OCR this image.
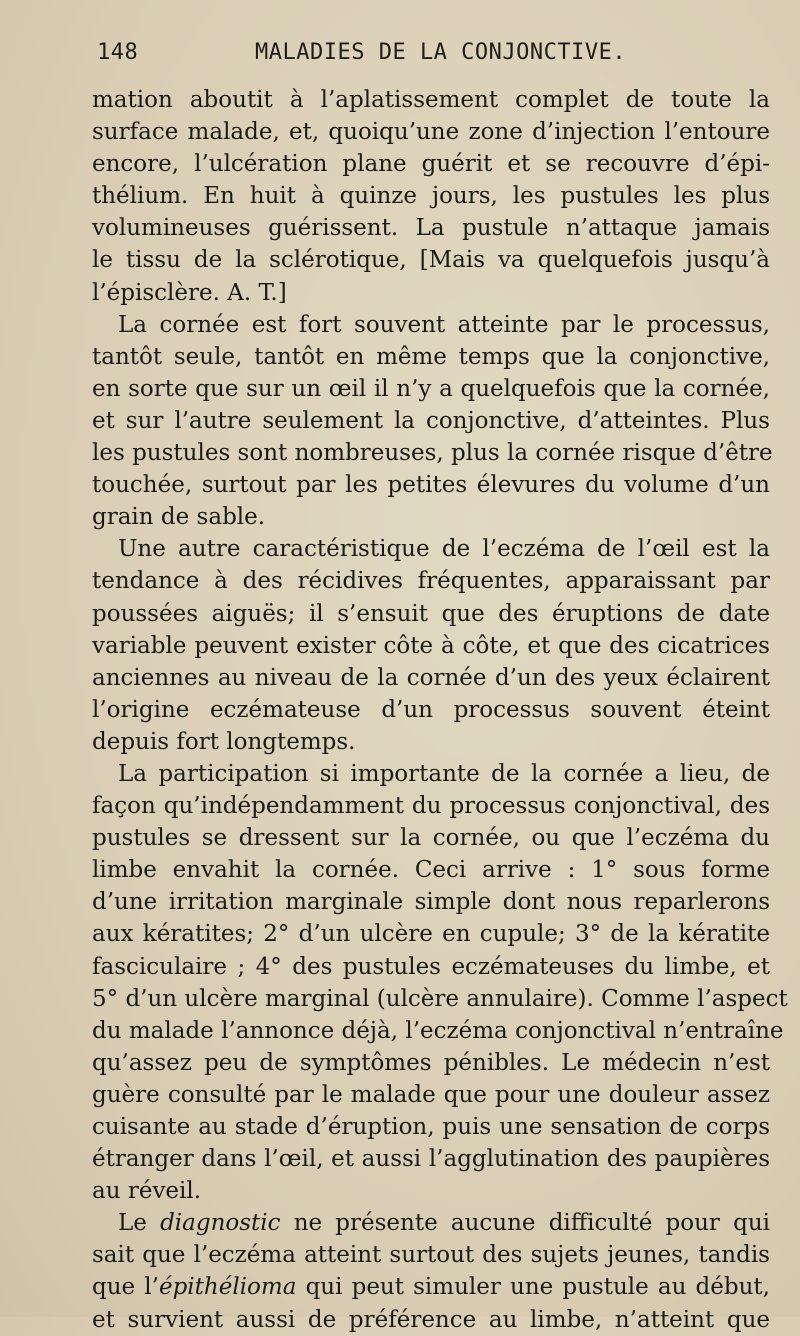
148	MALADIES DE LA CONJONCTIVE.
mation aboutit à l’aplatissement complet de toute la
surface malade, et, quoiqu’une zone d’injection l’entoure
encore, l’ulcération plane guérit et se recouvre d’épi-
thélium. En huit à quinze jours, les pustules les plus
volumineuses guérissent. La pustule n’attaque jamais
le tissu de la sclérotique, [Mais va quelquefois jusqu’à
l’épisclère. A. T.]
La cornée est fort souvent atteinte par le processus,
tantôt seule, tantôt en même temps que la conjonctive,
en sorte que sur un œil il n’y a quelquefois que la cornée,
et sur l’autre seulement la conjonctive, d’atteintes. Plus
les pustules sont nombreuses, plus la cornée risque d’être
touchée, surtout par les petites élevures du volume d’un
grain de sable.
Une autre caractéristique de l’eczéma de l’œil est la
tendance à des récidives fréquentes, apparaissant par
poussées aiguës; il s’ensuit que des éruptions de date
variable peuvent exister côte à côte, et que des cicatrices
anciennes au niveau de la cornée d’un des yeux éclairent
l’origine eczémateuse d’un processus souvent éteint
depuis fort longtemps.
La participation si importante de la cornée a lieu, de
façon qu’indépendamment du processus conjonctival, des
pustules se dressent sur la cornée, ou que l’eczéma du
limbe envahit la cornée. Ceci arrive : 1° sous forme
d’une irritation marginale simple dont nous reparlerons
aux kératites; 2° d’un ulcère en cupule; 3° de la kératite
fasciculaire ; 4° des pustules eczémateuses du limbe, et
5° d’un ulcère marginal (ulcère annulaire). Comme l’aspect
du malade l’annonce déjà, l’eczéma conjonctival n’entraîne
qu’assez peu de symptômes pénibles. Le médecin n’est
guère consulté par le malade que pour une douleur assez
cuisante au stade d’éruption, puis une sensation de corps
étranger dans l’œil, et aussi l’agglutination des paupières
au réveil.
Le diagnostic ne présente aucune difficulté pour qui
sait que l’eczéma atteint surtout des sujets jeunes, tandis
que l’épithélioma qui peut simuler une pustule au début,
et survient aussi de préférence au limbe, n’atteint que
